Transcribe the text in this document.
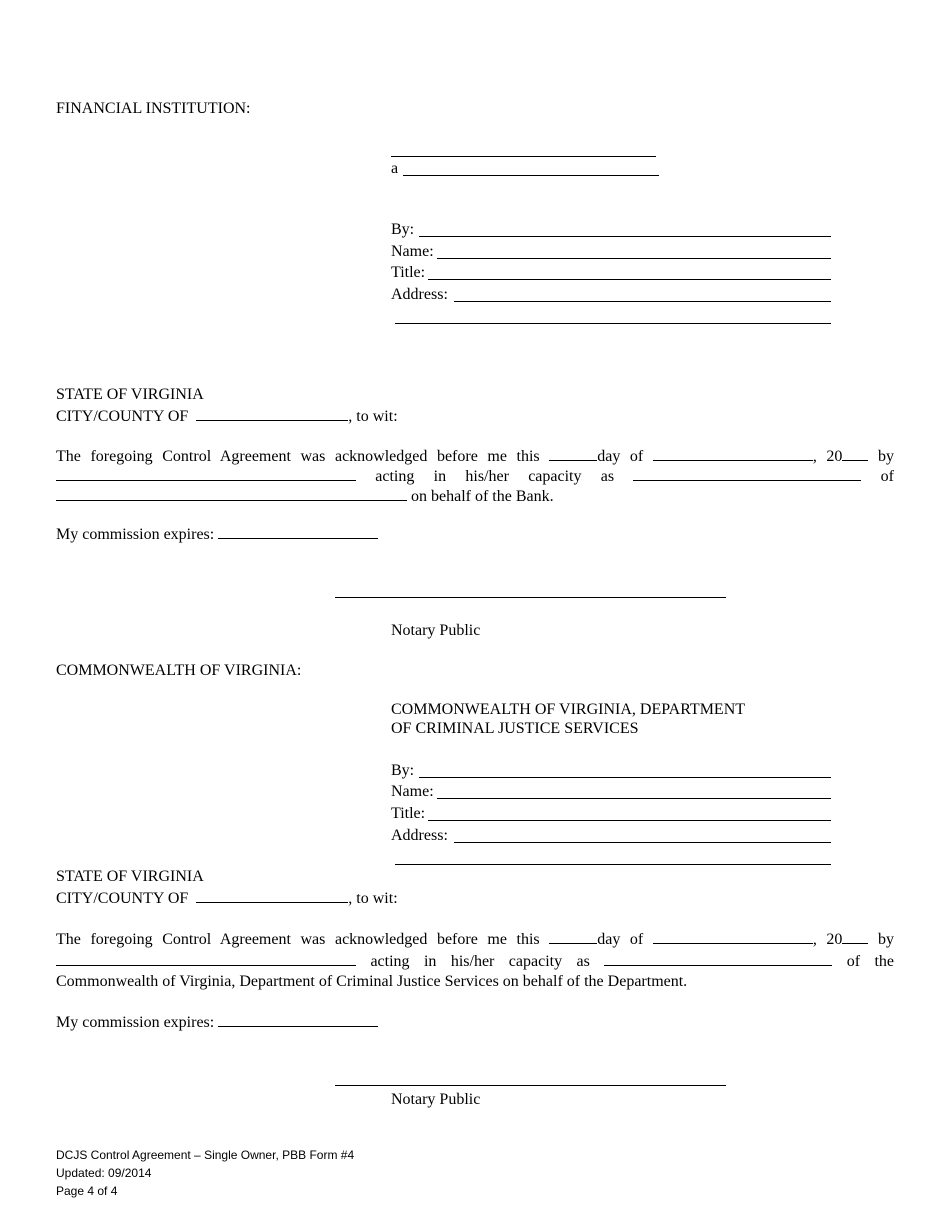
FINANCIAL INSTITUTION:
a
By:
Name:
Title:
Address:
STATE OF VIRGINIA
CITY/COUNTY OF	, to wit:
The foregoing Control Agreement was acknowledged before me this	day of	, 20 by
acting in his/her capacity as	of
on behalf of the Bank.
My commission expires:
Notary Public
COMMONWEALTH OF VIRGINIA:
COMMONWEALTH OF VIRGINIA, DEPARTMENT
OF CRIMINAL JUSTICE SERVICES
By:
Name:
Title:
Address:
STATE OF VIRGINIA
CITY/COUNTY OF	, to wit:
The foregoing Control Agreement was acknowledged before me this	day of	, 20 by
acting in his/her capacity as	of the
Commonwealth of Virginia, Department of Criminal Justice Services on behalf of the Department.
My commission expires:
Notary Public
DCJS Control Agreement – Single Owner, PBB Form #4
Updated: 09/2014
Page 4 of 4
